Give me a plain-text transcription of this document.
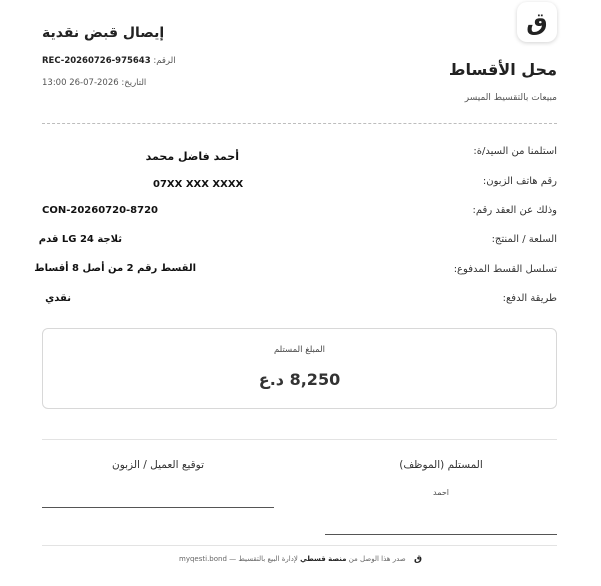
ق
محل الأقساط
مبيعات بالتقسيط الميسر
إيصال قبض نقدية
الرقم: REC-20260726-975643
التاريخ: 2026-07-26 13:00
استلمنا من السيد/ة:
أحمد فاضل محمد
رقم هاتف الزبون:
07XX XXX XXXX
وذلك عن العقد رقم:
CON-20260720-8720
السلعة / المنتج:
ثلاجة LG 24 قدم
تسلسل القسط المدفوع:
القسط رقم 2 من أصل 8 أقساط
طريقة الدفع:
نقدي
المبلغ المستلم
8,250 د.ع
المستلم (الموظف)
احمد
توقيع العميل / الزبون
myqesti.bond	صدر هذا الوصل من منصة قسطي لإدارة البيع بالتقسيط —	ق
